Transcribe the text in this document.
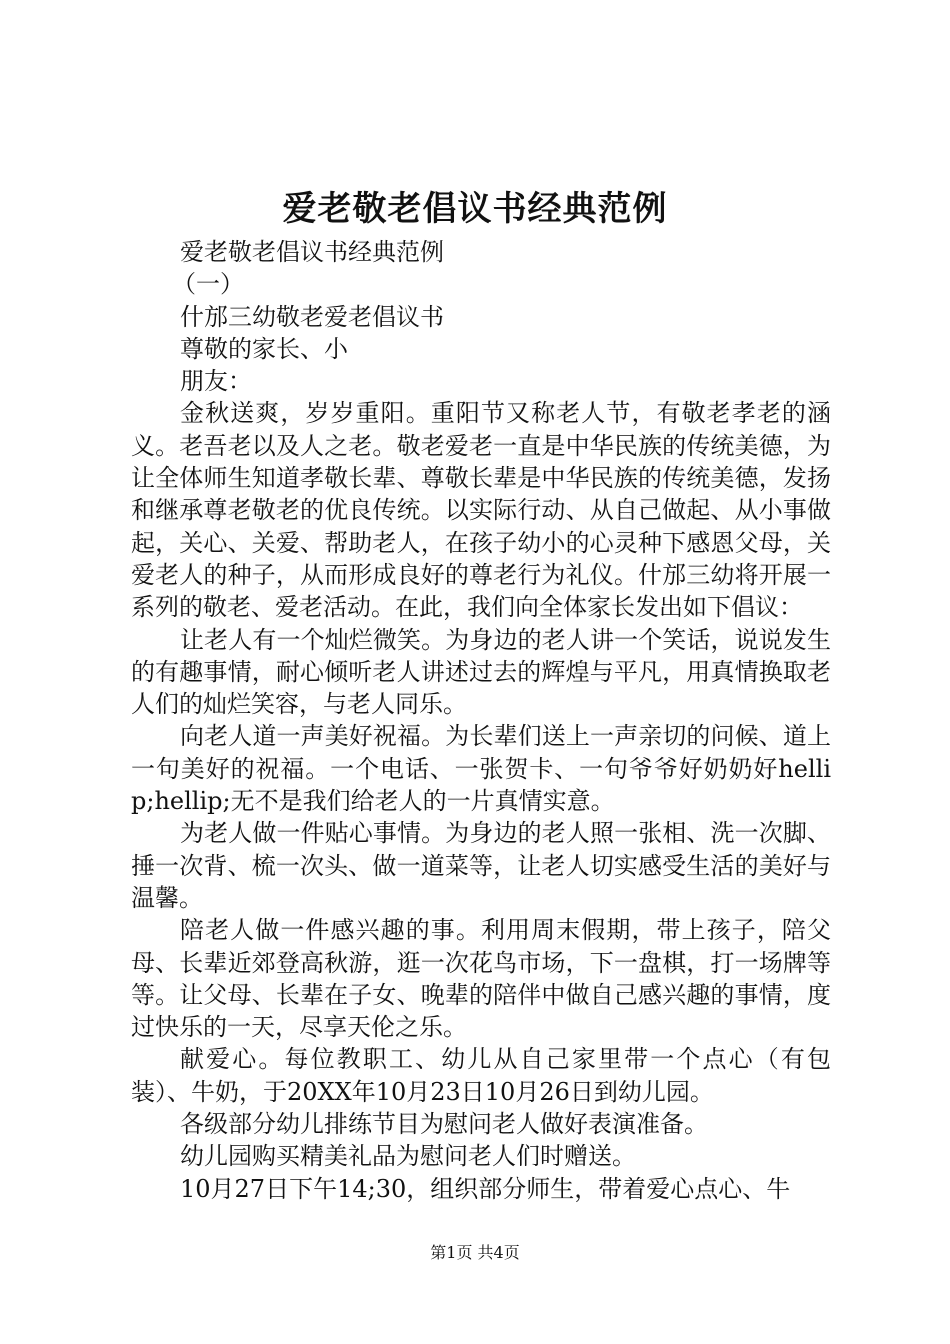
爱老敬老倡议书经典范例
爱老敬老倡议书经典范例
（一）
什邡三幼敬老爱老倡议书
尊敬的家长、小
朋友：

金秋送爽，岁岁重阳。重阳节又称老人节，有敬老孝老的涵义。老吾老以及人之老。敬老爱老一直是中华民族的传统美德，为让全体师生知道孝敬长辈、尊敬长辈是中华民族的传统美德，发扬和继承尊老敬老的优良传统。以实际行动、从自己做起、从小事做起，关心、关爱、帮助老人，在孩子幼小的心灵种下感恩父母，关爱老人的种子，从而形成良好的尊老行为礼仪。什邡三幼将开展一系列的敬老、爱老活动。在此，我们向全体家长发出如下倡议：

让老人有一个灿烂微笑。为身边的老人讲一个笑话，说说发生的有趣事情，耐心倾听老人讲述过去的辉煌与平凡，用真情换取老人们的灿烂笑容，与老人同乐。

向老人道一声美好祝福。为长辈们送上一声亲切的问候、道上一句美好的祝福。一个电话、一张贺卡、一句爷爷好奶奶好hellip;hellip;无不是我们给老人的一片真情实意。

为老人做一件贴心事情。为身边的老人照一张相、洗一次脚、捶一次背、梳一次头、做一道菜等，让老人切实感受生活的美好与温馨。

陪老人做一件感兴趣的事。利用周末假期，带上孩子，陪父母、长辈近郊登高秋游，逛一次花鸟市场，下一盘棋，打一场牌等等。让父母、长辈在子女、晚辈的陪伴中做自己感兴趣的事情，度过快乐的一天，尽享天伦之乐。

献爱心。每位教职工、幼儿从自己家里带一个点心（有包装）、牛奶，于20XX年10月23日10月26日到幼儿园。

各级部分幼儿排练节目为慰问老人做好表演准备。

幼儿园购买精美礼品为慰问老人们时赠送。

10月27日下午14;30，组织部分师生，带着爱心点心、牛

第1页 共4页
